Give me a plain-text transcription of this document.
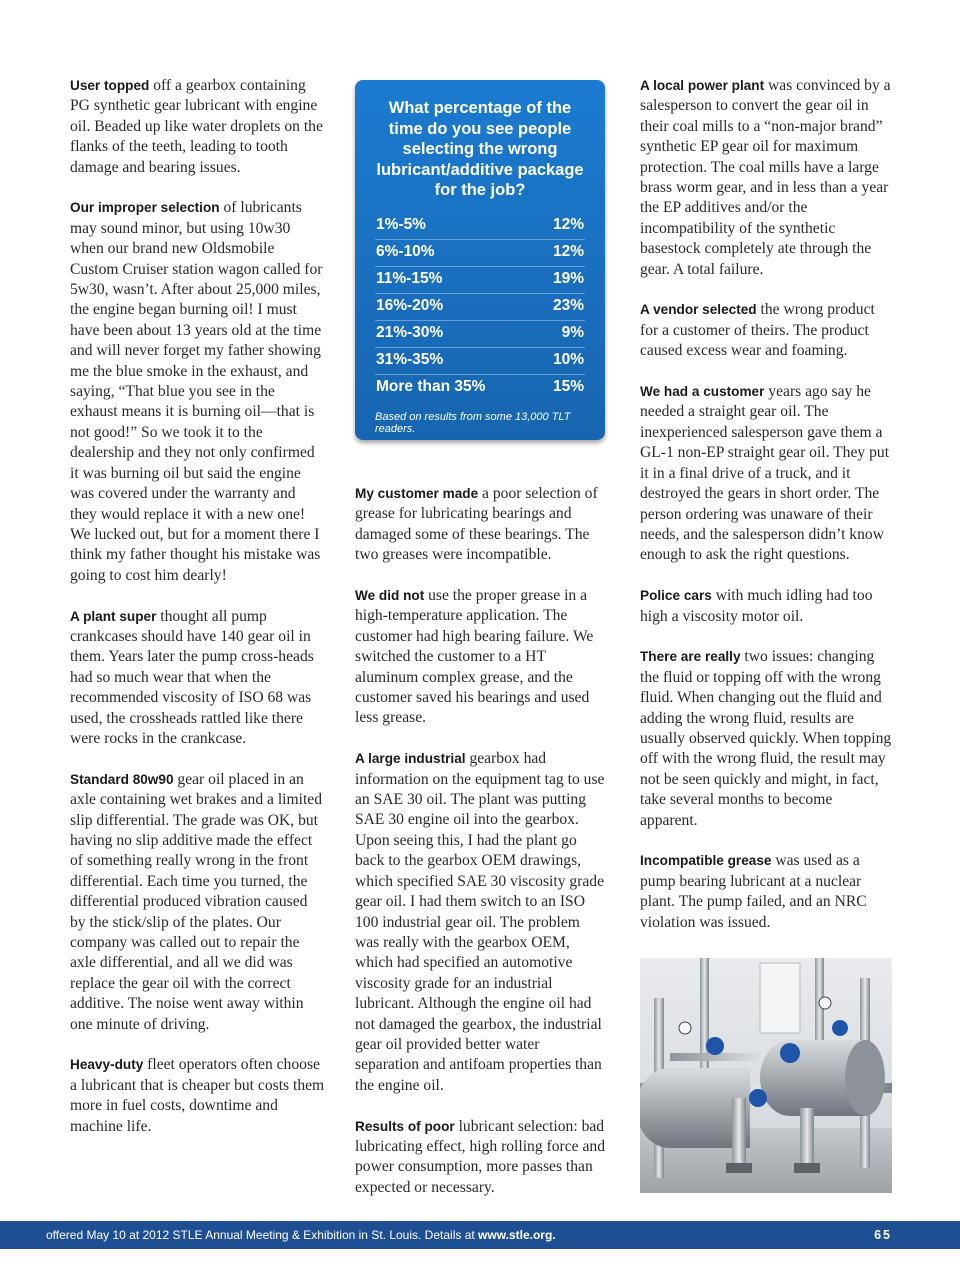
User topped off a gearbox containing PG synthetic gear lubricant with engine oil. Beaded up like water droplets on the flanks of the teeth, leading to tooth damage and bearing issues.

Our improper selection of lubricants may sound minor, but using 10w30 when our brand new Oldsmobile Custom Cruiser station wagon called for 5w30, wasn’t. After about 25,000 miles, the engine began burning oil! I must have been about 13 years old at the time and will never forget my father showing me the blue smoke in the exhaust, and saying, “That blue you see in the exhaust means it is burning oil—that is not good!” So we took it to the dealership and they not only confirmed it was burning oil but said the engine was covered under the warranty and they would replace it with a new one! We lucked out, but for a moment there I think my father thought his mistake was going to cost him dearly!

A plant super thought all pump crankcases should have 140 gear oil in them. Years later the pump cross-heads had so much wear that when the recommended viscosity of ISO 68 was used, the crossheads rattled like there were rocks in the crankcase.

Standard 80w90 gear oil placed in an axle containing wet brakes and a limited slip differential. The grade was OK, but having no slip additive made the effect of something really wrong in the front differential. Each time you turned, the differential produced vibration caused by the stick/slip of the plates. Our company was called out to repair the axle differential, and all we did was replace the gear oil with the correct additive. The noise went away within one minute of driving.

Heavy-duty fleet operators often choose a lubricant that is cheaper but costs them more in fuel costs, downtime and machine life.

What percentage of the time do you see people selecting the wrong lubricant/additive package for the job?
1%-5%	12%
6%-10%	12%
11%-15%	19%
16%-20%	23%
21%-30%	9%
31%-35%	10%
More than 35%	15%
Based on results from some 13,000 TLT readers.

My customer made a poor selection of grease for lubricating bearings and damaged some of these bearings. The two greases were incompatible.

We did not use the proper grease in a high-temperature application. The customer had high bearing failure. We switched the customer to a HT aluminum complex grease, and the customer saved his bearings and used less grease.

A large industrial gearbox had information on the equipment tag to use an SAE 30 oil. The plant was putting SAE 30 engine oil into the gearbox. Upon seeing this, I had the plant go back to the gearbox OEM drawings, which specified SAE 30 viscosity grade gear oil. I had them switch to an ISO 100 industrial gear oil. The problem was really with the gearbox OEM, which had specified an automotive viscosity grade for an industrial lubricant. Although the engine oil had not damaged the gearbox, the industrial gear oil provided better water separation and antifoam properties than the engine oil.

Results of poor lubricant selection: bad lubricating effect, high rolling force and power consumption, more passes than expected or necessary.

A local power plant was convinced by a salesperson to convert the gear oil in their coal mills to a “non-major brand” synthetic EP gear oil for maximum protection. The coal mills have a large brass worm gear, and in less than a year the EP additives and/or the incompatibility of the synthetic basestock completely ate through the gear. A total failure.

A vendor selected the wrong product for a customer of theirs. The product caused excess wear and foaming.

We had a customer years ago say he needed a straight gear oil. The inexperienced salesperson gave them a GL-1 non-EP straight gear oil. They put it in a final drive of a truck, and it destroyed the gears in short order. The person ordering was unaware of their needs, and the salesperson didn’t know enough to ask the right questions.

Police cars with much idling had too high a viscosity motor oil.

There are really two issues: changing the fluid or topping off with the wrong fluid. When changing out the fluid and adding the wrong fluid, results are usually observed quickly. When topping off with the wrong fluid, the result may not be seen quickly and might, in fact, take several months to become apparent.

Incompatible grease was used as a pump bearing lubricant at a nuclear plant. The pump failed, and an NRC violation was issued.

offered May 10 at 2012 STLE Annual Meeting & Exhibition in St. Louis. Details at www.stle.org.	65
